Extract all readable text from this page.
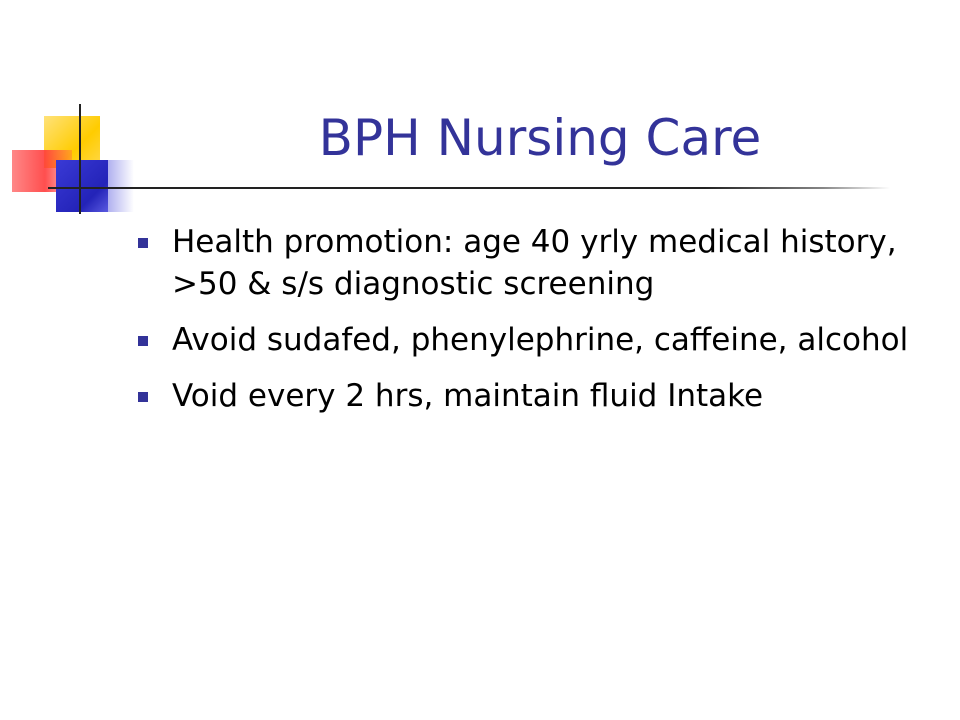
BPH Nursing Care
Health promotion: age 40 yrly medical history, >50 & s/s diagnostic screening
Avoid sudafed, phenylephrine, caffeine, alcohol
Void every 2 hrs, maintain fluid Intake
